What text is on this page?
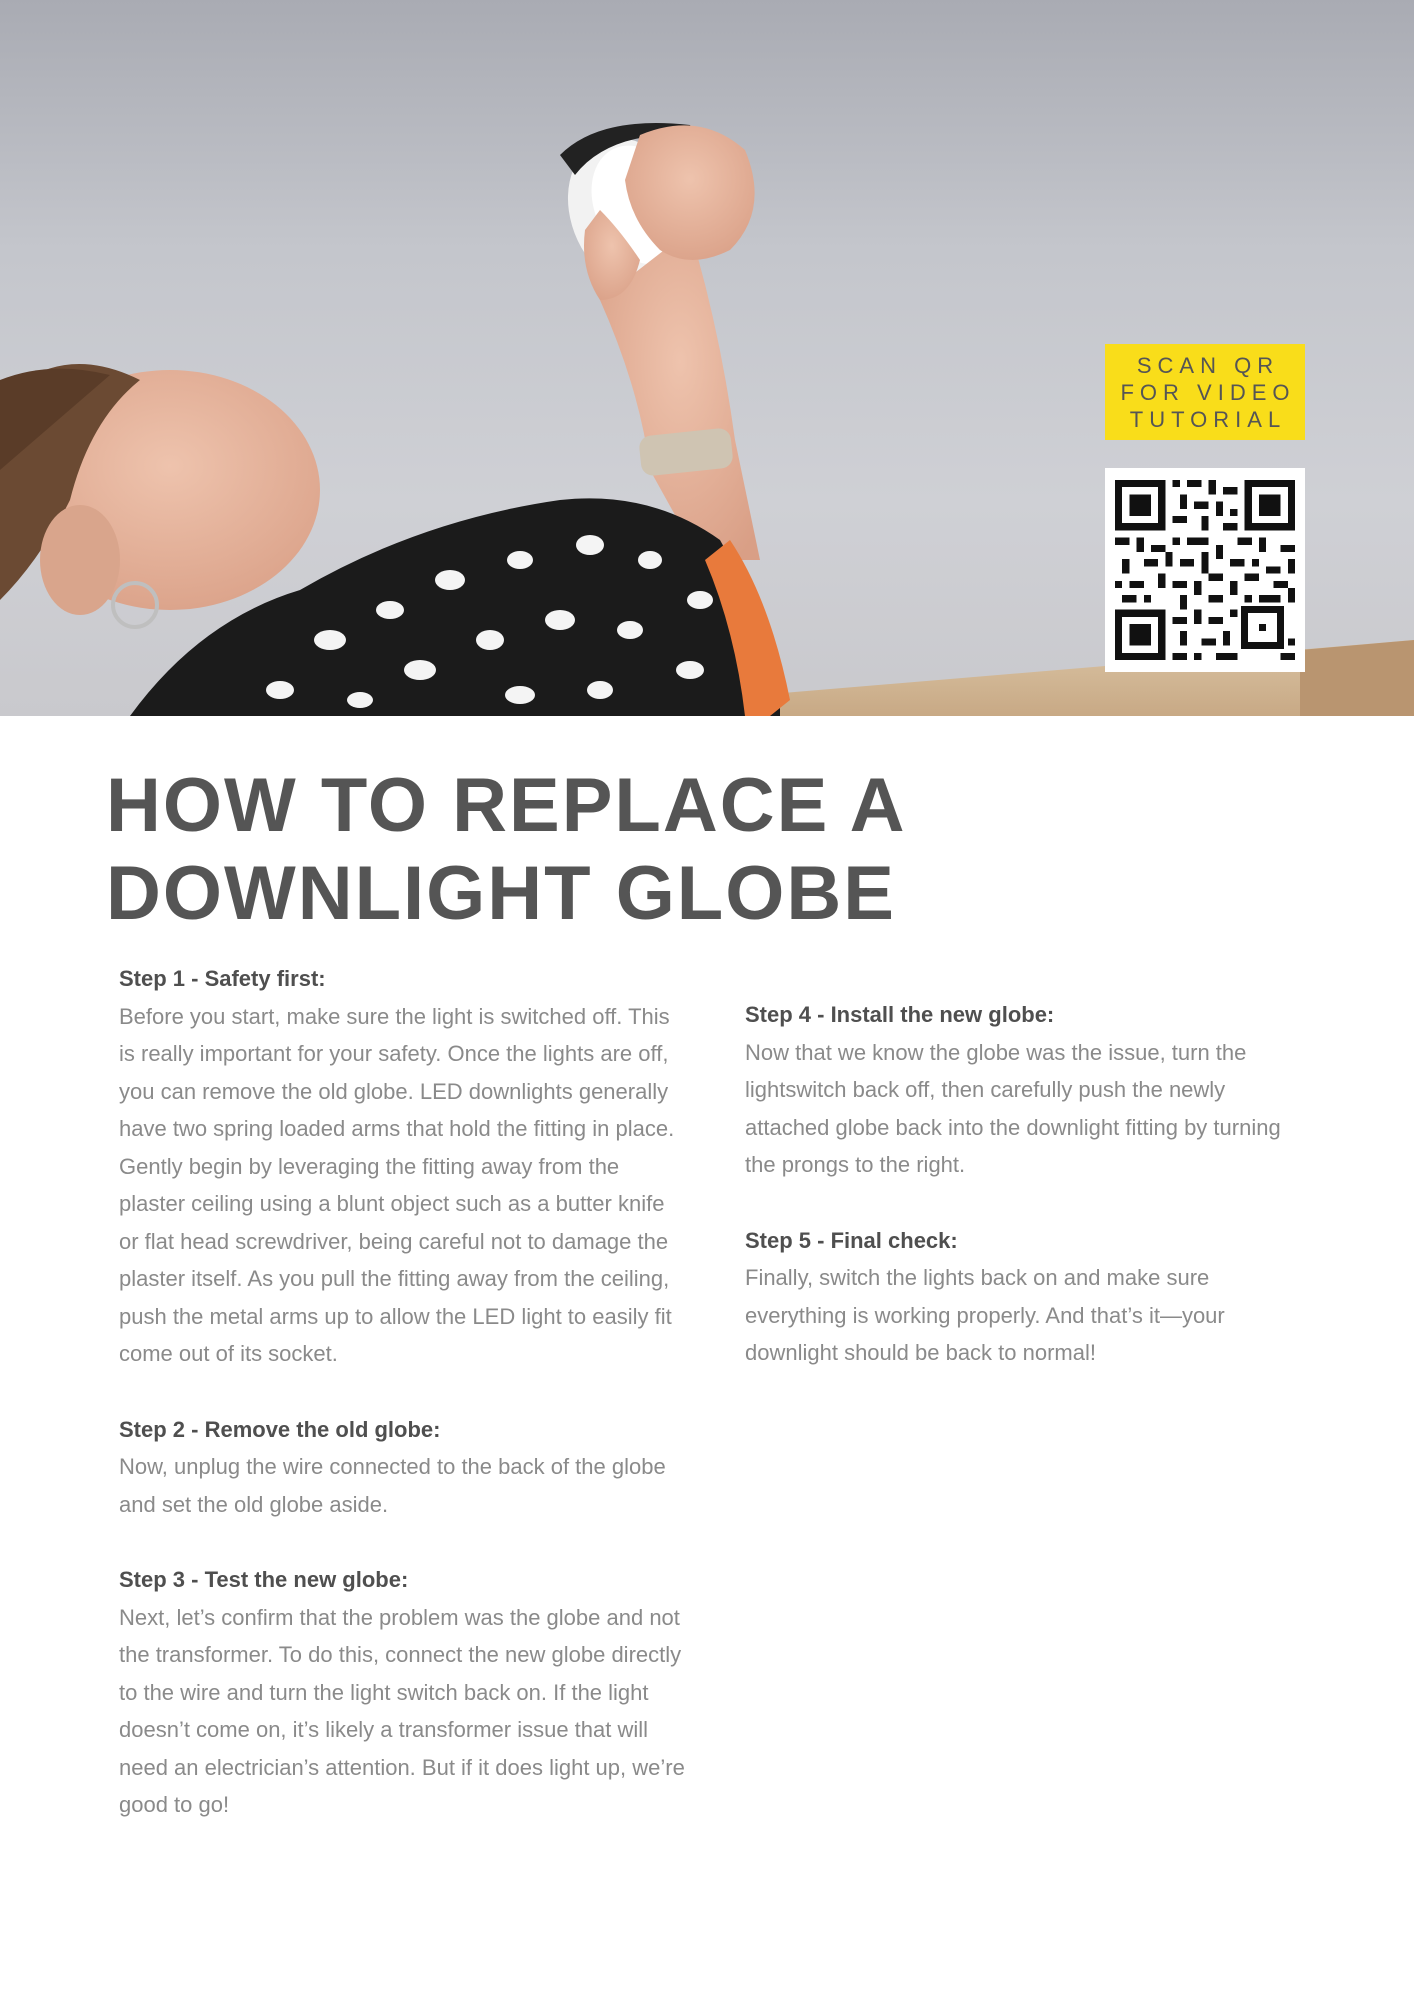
SCAN QR
FOR VIDEO
TUTORIAL
HOW TO REPLACE A
DOWNLIGHT GLOBE

Step 1 - Safety first:

Before you start, make sure the light is switched off. This is really important for your safety. Once the lights are off, you can remove the old globe. LED downlights generally have two spring loaded arms that hold the fitting in place. Gently begin by leveraging the fitting away from the plaster ceiling using a blunt object such as a butter knife or flat head screwdriver, being careful not to damage the plaster itself. As you pull the fitting away from the ceiling, push the metal arms up to allow the LED light to easily fit come out of its socket.

Step 2 - Remove the old globe:

Now, unplug the wire connected to the back of the globe and set the old globe aside.

Step 3 - Test the new globe:

Next, let’s confirm that the problem was the globe and not the transformer. To do this, connect the new globe directly to the wire and turn the light switch back on. If the light doesn’t come on, it’s likely a transformer issue that will need an electrician’s attention. But if it does light up, we’re good to go!

Step 4 - Install the new globe:

Now that we know the globe was the issue, turn the lightswitch back off, then carefully push the newly attached globe back into the downlight fitting by turning the prongs to the right.

Step 5 - Final check:

Finally, switch the lights back on and make sure everything is working properly. And that’s it—your downlight should be back to normal!
